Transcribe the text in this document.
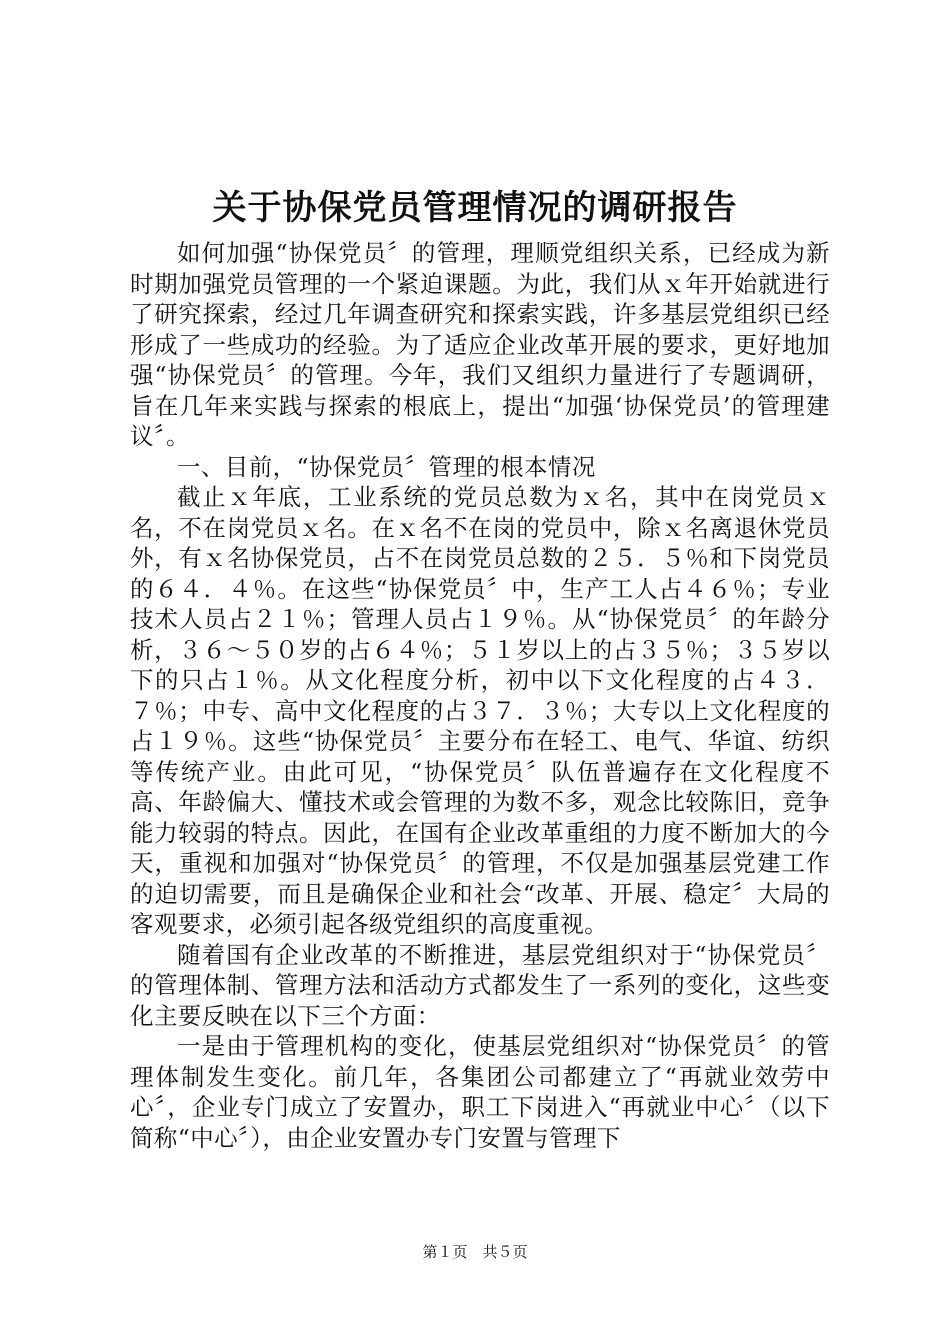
关于协保党员管理情况的调研报告

如何加强“协保党员〞的管理，理顺党组织关系，已经成为新时期加强党员管理的一个紧迫课题。为此，我们从ｘ年开始就进行了研究探索，经过几年调查研究和探索实践，许多基层党组织已经形成了一些成功的经验。为了适应企业改革开展的要求，更好地加强“协保党员〞的管理。今年，我们又组织力量进行了专题调研，旨在几年来实践与探索的根底上，提出“加强‘协保党员’的管理建议〞。

一、目前，“协保党员〞管理的根本情况

截止ｘ年底，工业系统的党员总数为ｘ名，其中在岗党员ｘ名，不在岗党员ｘ名。在ｘ名不在岗的党员中，除ｘ名离退休党员外，有ｘ名协保党员，占不在岗党员总数的２５．５％和下岗党员的６４．４％。在这些“协保党员〞中，生产工人占４６％；专业技术人员占２１％；管理人员占１９％。从“协保党员〞的年龄分析，３６～５０岁的占６４％；５１岁以上的占３５％；３５岁以下的只占１％。从文化程度分析，初中以下文化程度的占４３．７％；中专、高中文化程度的占３７．３％；大专以上文化程度的占１９％。这些“协保党员〞主要分布在轻工、电气、华谊、纺织等传统产业。由此可见，“协保党员〞队伍普遍存在文化程度不高、年龄偏大、懂技术或会管理的为数不多，观念比较陈旧，竞争能力较弱的特点。因此，在国有企业改革重组的力度不断加大的今天，重视和加强对“协保党员〞的管理，不仅是加强基层党建工作的迫切需要，而且是确保企业和社会“改革、开展、稳定〞大局的客观要求，必须引起各级党组织的高度重视。

随着国有企业改革的不断推进，基层党组织对于“协保党员〞的管理体制、管理方法和活动方式都发生了一系列的变化，这些变化主要反映在以下三个方面：

一是由于管理机构的变化，使基层党组织对“协保党员〞的管理体制发生变化。前几年，各集团公司都建立了“再就业效劳中心〞，企业专门成立了安置办，职工下岗进入“再就业中心〞（以下简称“中心〞），由企业安置办专门安置与管理下

第１页　共５页
